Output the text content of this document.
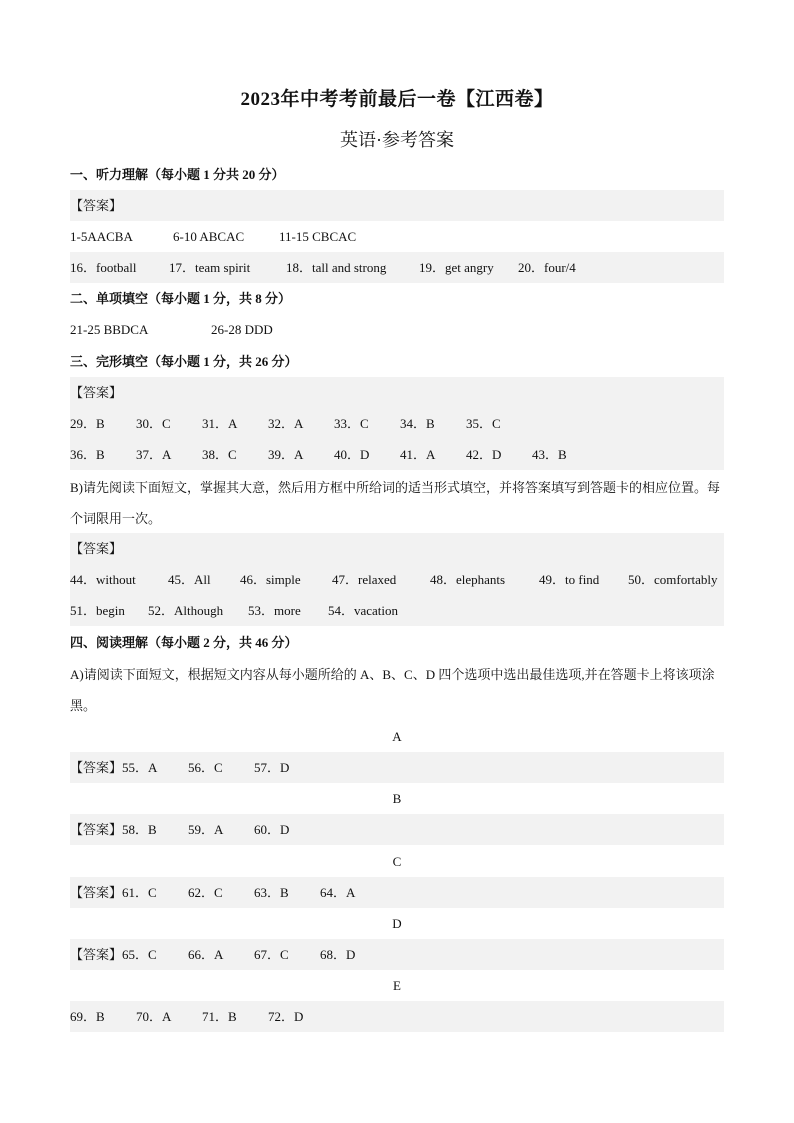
2023年中考考前最后一卷【江西卷】
英语·参考答案
一、听力理解（每小题 1 分共 20 分）
【答案】
1-5AACBA	6-10 ABCAC	11-15 CBCAC
16．football	17．team spirit	18．tall and strong	19．get angry 20．four/4
二、单项填空（每小题 1 分，共 8 分）
21-25 BBDCA	26-28 DDD
三、完形填空（每小题 1 分，共 26 分）
【答案】
29．B 30．C 31．A 32．A 33．C 34．B 35．C
36．B 37．A 38．C 39．A 40．D 41．A 42．D 43．B
B)请先阅读下面短文，掌握其大意，然后用方框中所给词的适当形式填空，并将答案填写到答题卡的相应位置。每个词限用一次。
【答案】
44．without 45．All 46．simple 47．relaxed	48．elephants	49．to find 50．comfortably
51．begin 52．Although 53．more 54．vacation
四、阅读理解（每小题 2 分，共 46 分）
A)请阅读下面短文，根据短文内容从每小题所给的 A、B、C、D 四个选项中选出最佳选项,并在答题卡上将该项涂黑。
A
【答案】55．A 56．C 57．D
B
【答案】58．B 59．A 60．D
C
【答案】61．C 62．C 63．B 64．A
D
【答案】65．C 66．A 67．C 68．D
E
69．B 70．A 71．B 72．D
